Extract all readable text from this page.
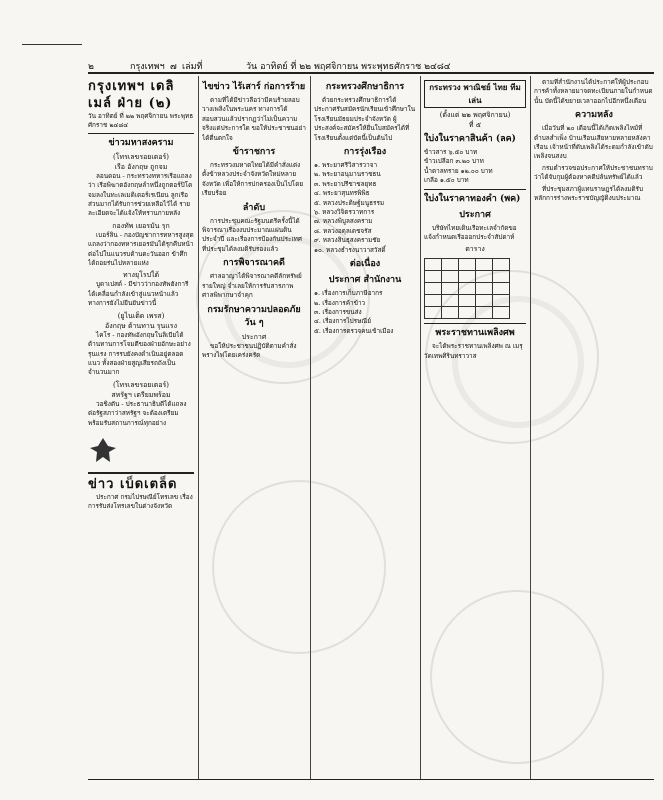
๒	กรุงเทพฯ ๗ เล่มที่	วัน อาทิตย์ ที่ ๒๒ พฤศจิกายน พระพุทธศักราช ๒๔๘๔
กรุงเทพฯ เดลิเมล์ ฝ่าย (๒)
วัน อาทิตย์ ที่ ๒๒ พฤศจิกายน พระพุทธศักราช ๒๔๘๔
ข่าวมหาสงคราม
(โทรเลขรอยเตอร์)
เรือ อังกฤษ ถูกจม

ลอนดอน - กระทรวงทหารเรือแถลงว่า เรือพิฆาตอังกฤษลำหนึ่งถูกตอร์ปิโดจมลงในทะเลเมดิเตอร์เรเนียน ลูกเรือส่วนมากได้รับการช่วยเหลือไว้ได้ รายละเอียดจะได้แจ้งให้ทราบภายหลัง

กองทัพ เยอรมัน รุก

เบอร์ลิน - กองบัญชาการทหารสูงสุดแถลงว่ากองทหารเยอรมันได้รุกคืบหน้าต่อไปในแนวรบด้านตะวันออก ข้าศึกได้ถอยร่นไปหลายแห่ง

ทางยุโรปใต้

บูดาเปสต์ - มีข่าวว่ากองทัพฮังการีได้เคลื่อนกำลังเข้าสู่แนวหน้าแล้ว ทางการยังไม่ยืนยันข่าวนี้

(ยูไนเต็ด เพรส)
อังกฤษ ต้านทาน รุนแรง

ไคโร - กองทัพอังกฤษในลิเบียได้ต้านทานการโจมตีของฝ่ายอักษะอย่างรุนแรง การรบยังคงดำเนินอยู่ตลอดแนว ทั้งสองฝ่ายสูญเสียรถถังเป็นจำนวนมาก

(โทรเลขรอยเตอร์)
สหรัฐฯ เตรียมพร้อม

วอชิงตัน - ประธานาธิบดีได้แถลงต่อรัฐสภาว่าสหรัฐฯ จะต้องเตรียมพร้อมรับสถานการณ์ทุกอย่าง

ข่าว เบ็ดเตล็ด

ประกาศ กรมไปรษณีย์โทรเลข เรื่องการรับส่งโทรเลขในต่างจังหวัด

ไขข่าว ไร้เสาร์ ก่อการร้าย

ตามที่ได้มีข่าวลือว่ามีคนร้ายลอบวางเพลิงในพระนคร ทางการได้สอบสวนแล้วปรากฏว่าไม่เป็นความจริงแต่ประการใด ขอให้ประชาชนอย่าได้ตื่นตกใจ

ข้าราชการ

กระทรวงมหาดไทยได้มีคำสั่งแต่งตั้งข้าหลวงประจำจังหวัดใหม่หลายจังหวัด เพื่อให้การปกครองเป็นไปโดยเรียบร้อย

ลำดับ

การประชุมคณะรัฐมนตรีครั้งนี้ได้พิจารณาเรื่องงบประมาณแผ่นดินประจำปี และเรื่องการป้องกันประเทศ ที่ประชุมได้ลงมติรับรองแล้ว

การพิจารณาคดี

ศาลอาญาได้พิจารณาคดีลักทรัพย์รายใหญ่ จำเลยให้การรับสารภาพ ศาลพิพากษาจำคุก

กรมรักษาความปลอดภัย วัน ๆ
ประกาศ

ขอให้ประชาชนปฏิบัติตามคำสั่งพรางไฟโดยเคร่งครัด

กระทรวงศึกษาธิการ

ด้วยกระทรวงศึกษาธิการได้ประกาศรับสมัครนักเรียนเข้าศึกษาในโรงเรียนมัธยมประจำจังหวัด ผู้ประสงค์จะสมัครให้ยื่นใบสมัครได้ที่โรงเรียนตั้งแต่บัดนี้เป็นต้นไป

การรุ่งเรือง
๑. พระยาศรีวิสารวาจา
๒. พระยาอนุมานราชธน
๓. พระยาปรีชาชลยุทธ
๔. พระยาสุนทรพิพิธ
๕. หลวงประดิษฐ์มนูธรรม
๖. หลวงวิจิตรวาทการ
๗. หลวงพิบูลสงคราม
๘. หลวงอดุลเดชจรัส
๙. หลวงสินธุสงครามชัย
๑๐. หลวงธำรงนาวาสวัสดิ์
ต่อเนื่อง
ประกาศ สำนักงาน
๑. เรื่องการเก็บภาษีอากร
๒. เรื่องการค้าข้าว
๓. เรื่องการขนส่ง
๔. เรื่องการไปรษณีย์
๕. เรื่องการตรวจคนเข้าเมือง
กระทรวง พาณิชย์ ไทย ทีมเล่น
(ตั้งแต่ ๒๒ พฤศจิกายน)
ที่ ๕
ใบ่งในราคาสินค้า (ลค)
ข้าวสาร ๖.๕๐ บาท
ข้าวเปลือก ๓.๒๐ บาท
น้ำตาลทราย ๑๒.๐๐ บาท
เกลือ ๑.๕๐ บาท
ใบ่งในราคาทองคำ (พค)
ประกาศ

บริษัทไทยเดินเรือทะเลจำกัดขอแจ้งกำหนดเรือออกประจำสัปดาห์

ตาราง

พระราชทานเพลิงศพ

จะได้พระราชทานเพลิงศพ ณ เมรุวัดเทพศิรินทราวาส

ตามที่สำนักงานได้ประกาศให้ผู้ประกอบการค้าทั้งหลายมาจดทะเบียนภายในกำหนดนั้น บัดนี้ได้ขยายเวลาออกไปอีกหนึ่งเดือน

ความหลัง

เมื่อวันที่ ๒๐ เดือนนี้ได้เกิดเพลิงไหม้ที่ตำบลสำเพ็ง บ้านเรือนเสียหายหลายหลังคาเรือน เจ้าหน้าที่ดับเพลิงได้ระดมกำลังเข้าดับเพลิงจนสงบ

กรมตำรวจขอประกาศให้ประชาชนทราบว่าได้จับกุมผู้ต้องหาคดีปล้นทรัพย์ได้แล้ว

ที่ประชุมสภาผู้แทนราษฎรได้ลงมติรับหลักการร่างพระราชบัญญัติงบประมาณ
